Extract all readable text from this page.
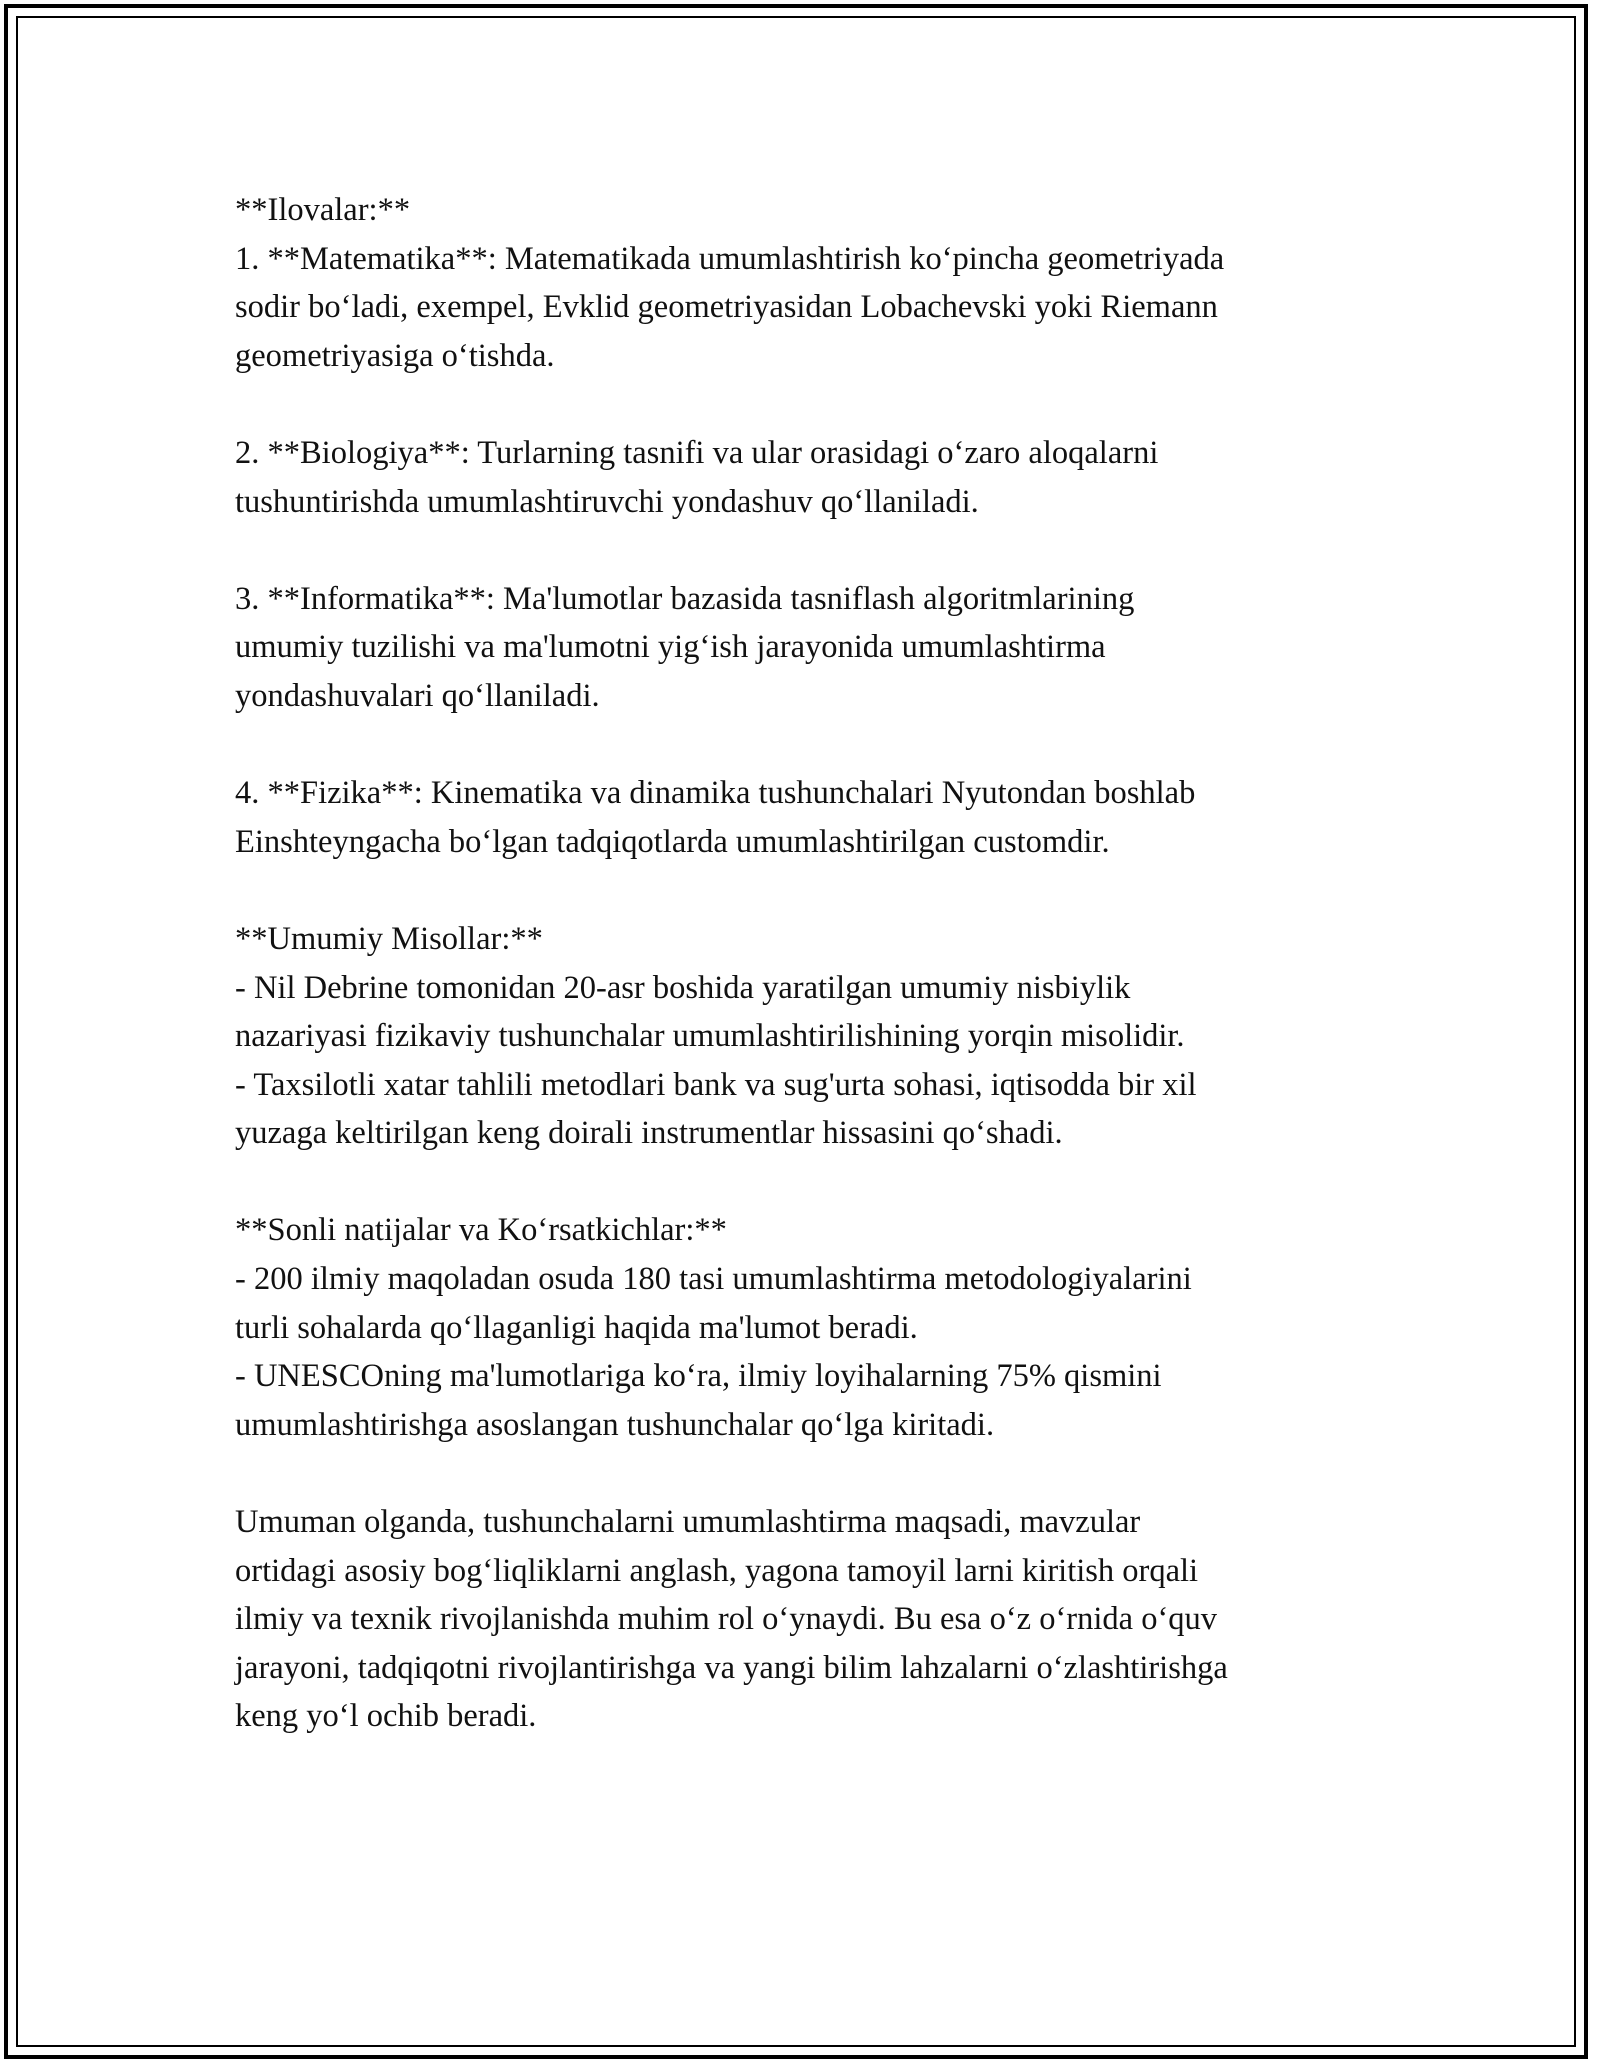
**Ilovalar:**
1. **Matematika**: Matematikada umumlashtirish ko‘pincha geometriyada
sodir bo‘ladi, exempel, Evklid geometriyasidan Lobachevski yoki Riemann
geometriyasiga o‘tishda.
2. **Biologiya**: Turlarning tasnifi va ular orasidagi o‘zaro aloqalarni
tushuntirishda umumlashtiruvchi yondashuv qo‘llaniladi.
3. **Informatika**: Ma'lumotlar bazasida tasniflash algoritmlarining
umumiy tuzilishi va ma'lumotni yig‘ish jarayonida umumlashtirma
yondashuvalari qo‘llaniladi.
4. **Fizika**: Kinematika va dinamika tushunchalari Nyutondan boshlab
Einshteyngacha bo‘lgan tadqiqotlarda umumlashtirilgan customdir.
**Umumiy Misollar:**
- Nil Debrine tomonidan 20-asr boshida yaratilgan umumiy nisbiylik
nazariyasi fizikaviy tushunchalar umumlashtirilishining yorqin misolidir.
- Taxsilotli xatar tahlili metodlari bank va sug'urta sohasi, iqtisodda bir xil
yuzaga keltirilgan keng doirali instrumentlar hissasini qo‘shadi.
**Sonli natijalar va Ko‘rsatkichlar:**
- 200 ilmiy maqoladan osuda 180 tasi umumlashtirma metodologiyalarini
turli sohalarda qo‘llaganligi haqida ma'lumot beradi.
- UNESCOning ma'lumotlariga ko‘ra, ilmiy loyihalarning 75% qismini
umumlashtirishga asoslangan tushunchalar qo‘lga kiritadi.
Umuman olganda, tushunchalarni umumlashtirma maqsadi, mavzular
ortidagi asosiy bog‘liqliklarni anglash, yagona tamoyil larni kiritish orqali
ilmiy va texnik rivojlanishda muhim rol o‘ynaydi. Bu esa o‘z o‘rnida o‘quv
jarayoni, tadqiqotni rivojlantirishga va yangi bilim lahzalarni o‘zlashtirishga
keng yo‘l ochib beradi.
